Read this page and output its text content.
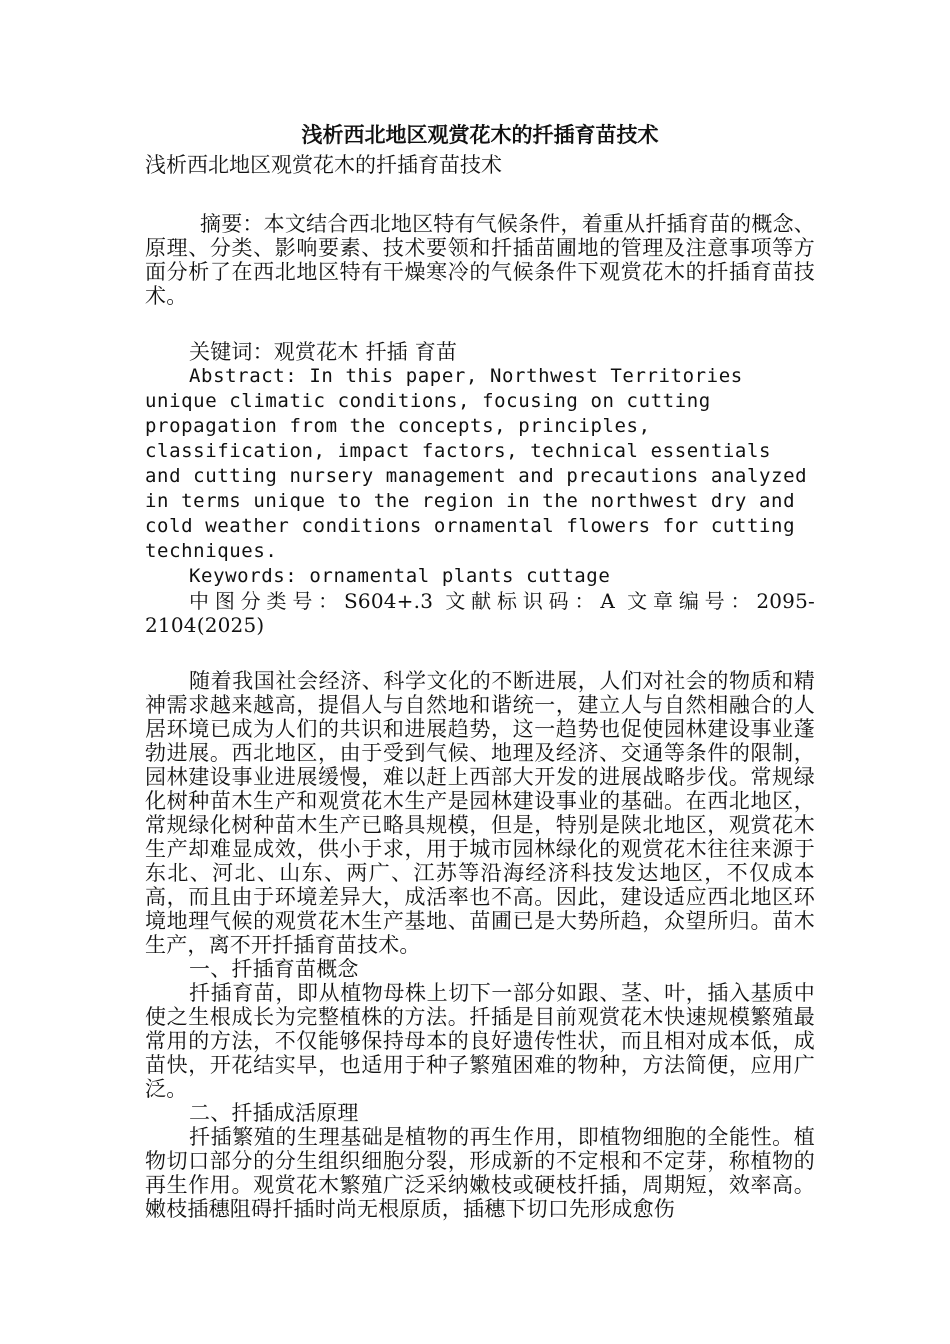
浅析西北地区观赏花木的扦插育苗技术

浅析西北地区观赏花木的扦插育苗技术

摘要：本文结合西北地区特有气候条件，着重从扦插育苗的概念、原理、分类、影响要素、技术要领和扦插苗圃地的管理及注意事项等方面分析了在西北地区特有干燥寒冷的气候条件下观赏花木的扦插育苗技术。

关键词：观赏花木 扦插 育苗

Abstract: In this paper, Northwest Territories unique climatic conditions, focusing on cutting propagation from the concepts, principles, classification, impact factors, technical essentials and cutting nursery management and precautions analyzed in terms unique to the region in the northwest dry and cold weather conditions ornamental flowers for cutting techniques.

Keywords: ornamental plants cuttage

中图分类号：S604+.3 文献标识码：A 文章编号：2095-2104(2025)

随着我国社会经济、科学文化的不断进展，人们对社会的物质和精神需求越来越高，提倡人与自然地和谐统一，建立人与自然相融合的人居环境已成为人们的共识和进展趋势，这一趋势也促使园林建设事业蓬勃进展。西北地区，由于受到气候、地理及经济、交通等条件的限制，园林建设事业进展缓慢，难以赶上西部大开发的进展战略步伐。常规绿化树种苗木生产和观赏花木生产是园林建设事业的基础。在西北地区，常规绿化树种苗木生产已略具规模，但是，特别是陕北地区，观赏花木生产却难显成效，供小于求，用于城市园林绿化的观赏花木往往来源于东北、河北、山东、两广、江苏等沿海经济科技发达地区，不仅成本高，而且由于环境差异大，成活率也不高。因此，建设适应西北地区环境地理气候的观赏花木生产基地、苗圃已是大势所趋，众望所归。苗木生产，离不开扦插育苗技术。

一、扦插育苗概念

扦插育苗，即从植物母株上切下一部分如跟、茎、叶，插入基质中使之生根成长为完整植株的方法。扦插是目前观赏花木快速规模繁殖最常用的方法，不仅能够保持母本的良好遗传性状，而且相对成本低，成苗快，开花结实早，也适用于种子繁殖困难的物种，方法简便，应用广泛。

二、扦插成活原理

扦插繁殖的生理基础是植物的再生作用，即植物细胞的全能性。植物切口部分的分生组织细胞分裂，形成新的不定根和不定芽，称植物的再生作用。观赏花木繁殖广泛采纳嫩枝或硬枝扦插，周期短，效率高。嫩枝插穗阻碍扦插时尚无根原质，插穗下切口先形成愈伤
